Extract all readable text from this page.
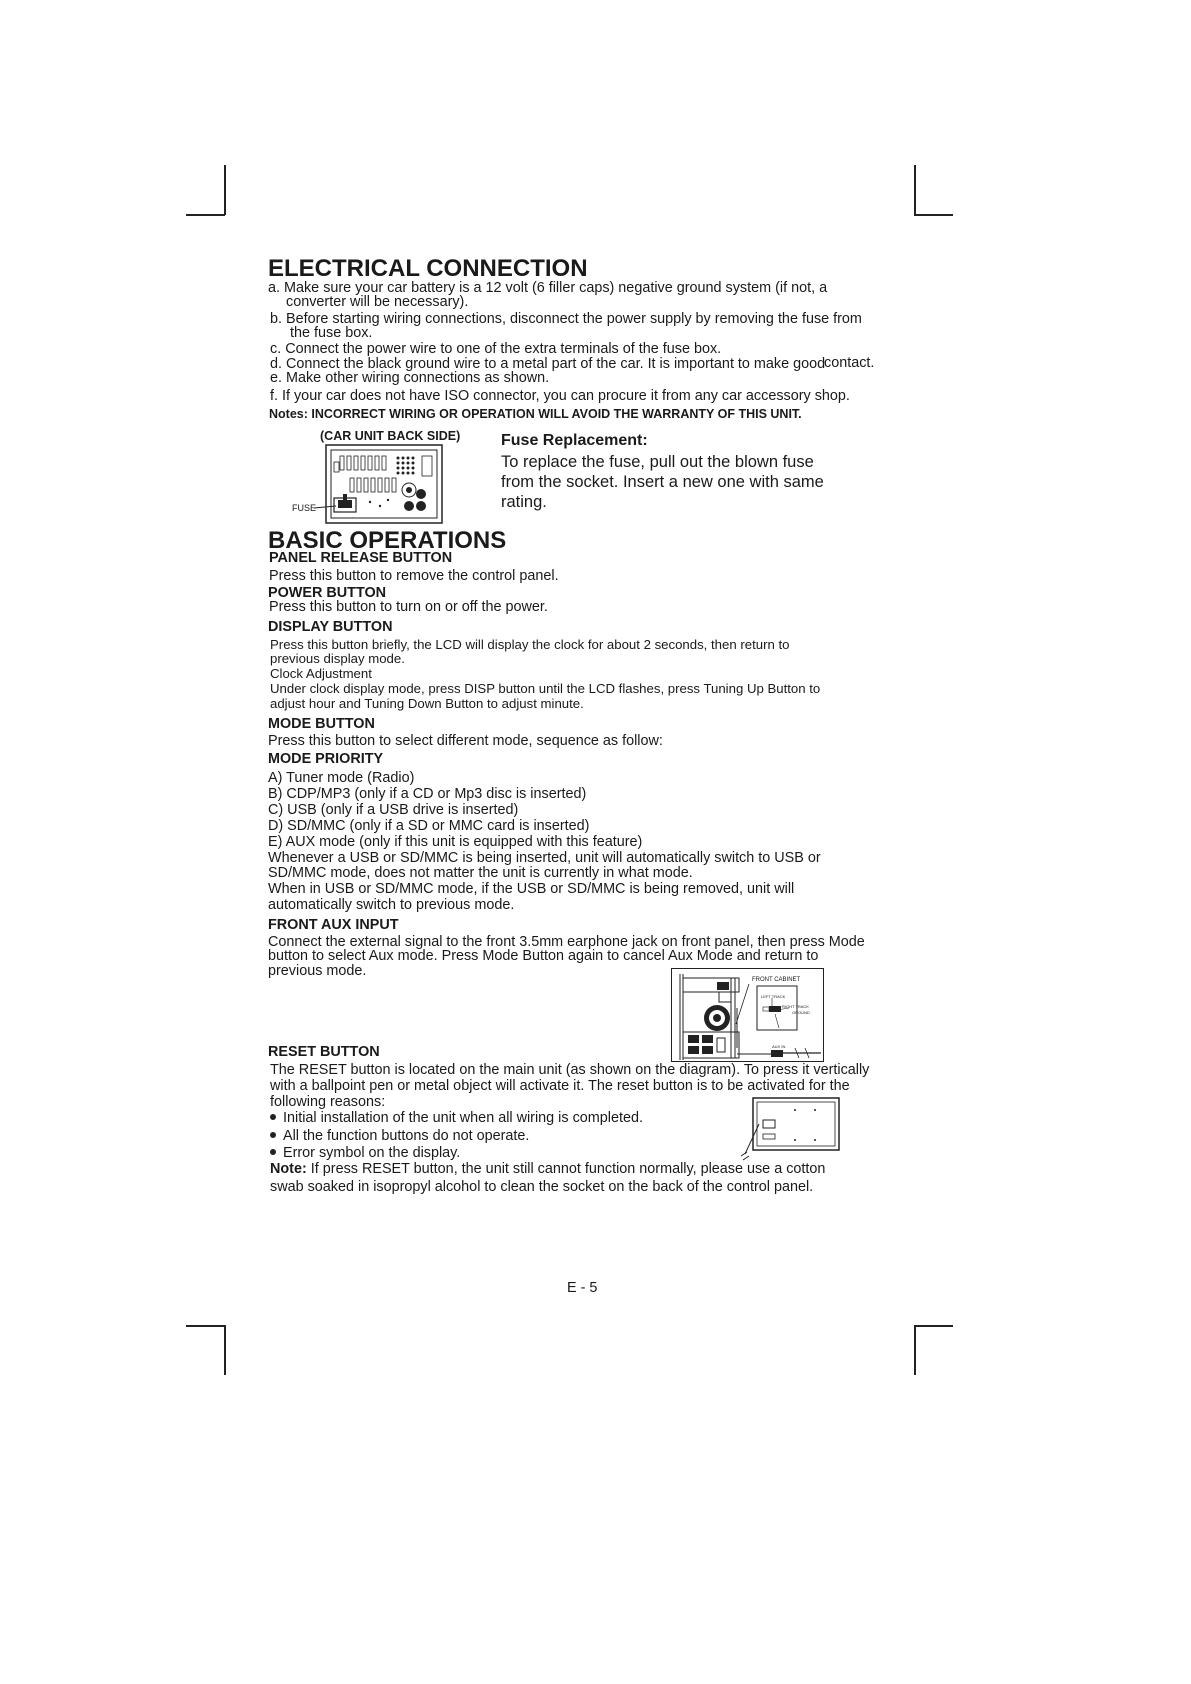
ELECTRICAL CONNECTION
a. Make sure your car battery is a 12 volt (6 filler caps) negative ground system (if not, a
converter will be necessary).
b. Before starting wiring connections, disconnect the power supply by removing the fuse from
the fuse box.
c. Connect the power wire to one of the extra terminals of the fuse box.
d. Connect the black ground wire to a metal part of the car. It is important to make good
contact.
e. Make other wiring connections as shown.
f. If your car does not have ISO connector, you can procure it from any car accessory shop.
Notes: INCORRECT WIRING OR OPERATION WILL AVOID THE WARRANTY OF THIS UNIT.
(CAR UNIT BACK SIDE)
FUSE
Fuse Replacement:
To replace the fuse, pull out the blown fuse
from the socket. Insert a new one with same
rating.
BASIC OPERATIONS
PANEL RELEASE BUTTON
Press this button to remove the control panel.
POWER BUTTON
Press this button to turn on or off the power.
DISPLAY BUTTON
Press this button briefly, the LCD will display the clock for about 2 seconds, then return to
previous display mode.
Clock Adjustment
Under clock display mode, press DISP button until the LCD flashes, press Tuning Up Button to
adjust hour and Tuning Down Button to adjust minute.
MODE BUTTON
Press this button to select different mode, sequence as follow:
MODE PRIORITY
A) Tuner mode (Radio)
B) CDP/MP3 (only if a CD or Mp3 disc is inserted)
C) USB (only if a USB drive is inserted)
D) SD/MMC (only if a SD or MMC card is inserted)
E) AUX mode (only if this unit is equipped with this feature)
Whenever a USB or SD/MMC is being inserted, unit will automatically switch to USB or
SD/MMC mode, does not matter the unit is currently in what mode.
When in USB or SD/MMC mode, if the USB or SD/MMC is being removed, unit will
automatically switch to previous mode.
FRONT AUX INPUT
Connect the external signal to the front 3.5mm earphone jack on front panel, then press Mode
button to select Aux mode. Press Mode Button again to cancel Aux Mode and return to
previous mode.
FRONT CABINET
LEFT TRACK
RIGHT TRACK
GROUND
AUX IN
RESET BUTTON
The RESET button is located on the main unit (as shown on the diagram). To press it vertically
with a ballpoint pen or metal object will activate it. The reset button is to be activated for the
following reasons:
Initial installation of the unit when all wiring is completed.
All the function buttons do not operate.
Error symbol on the display.
Note: If press RESET button, the unit still cannot function normally, please use a cotton
swab soaked in isopropyl alcohol to clean the socket on the back of the control panel.
E - 5
